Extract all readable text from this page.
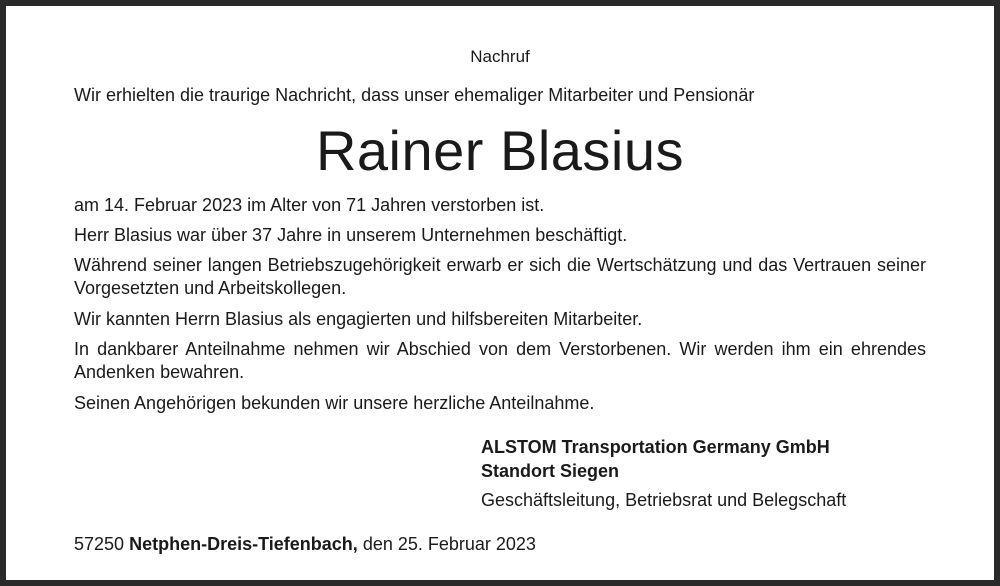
Nachruf
Wir erhielten die traurige Nachricht, dass unser ehemaliger Mitarbeiter und Pensionär
Rainer Blasius
am 14. Februar 2023 im Alter von 71 Jahren verstorben ist.
Herr Blasius war über 37 Jahre in unserem Unternehmen beschäftigt.
Während seiner langen Betriebszugehörigkeit erwarb er sich die Wertschätzung und das Vertrauen seiner Vorgesetzten und Arbeitskollegen.
Wir kannten Herrn Blasius als engagierten und hilfsbereiten Mitarbeiter.
In dankbarer Anteilnahme nehmen wir Abschied von dem Verstorbenen. Wir werden ihm ein ehrendes Andenken bewahren.
Seinen Angehörigen bekunden wir unsere herzliche Anteilnahme.
ALSTOM Transportation Germany GmbH
Standort Siegen
Geschäftsleitung, Betriebsrat und Belegschaft
57250 Netphen-Dreis-Tiefenbach, den 25. Februar 2023
